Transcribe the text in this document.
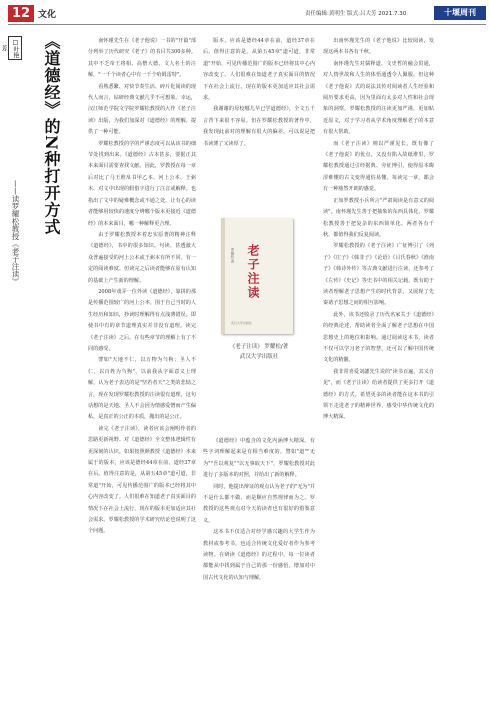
12 文化	责任编辑:黄明生 版式:吕大芳 2021.7.30	十堰周刊
□叶艳芳	《道德经》的N种打开方式
——读罗耀松教授《老子注读》

南怀瑾先生在《老子他说》一书的"开篇"部分列举了历代研究《老子》的书目共300多种。其中不乏帝王将相、高僧大德、文人名士的注解，"一千个读者心中有一千个哈姆雷特"。

看熟悉繁、对快节奏生活、碎片化阅读的现代人而言，钻研经典文献几乎不可想象。幸运，汉江师范学院文学院罗耀松教授的大作《老子注读》出版，为我们加深对《道德经》的理解，提供了一种可能。

罗耀松教授的学的严谨态度可以从该书的细节处找到出来。《道德经》古本甚多，要据正其本来面目需要查找文献。因此，罗教授在每一章后对比了马王堆帛书甲乙本、河上公本、王弼本、对文中出现的假借字进行了注音或解释。也指出了文中的疑难概念或不通之处。让有心的读者能够用较快的速度分辨哪个版本更接近《道德经》的本来面目，哪一种解释更合理。

由于罗耀松教授本着忠实原著的精神注释《道德经》，书中的很多知识、句读、甚透澈大众普遍接受的河上公本或王弼本有所不同。有一定的阅读难度。但读完之后读者能够在原有认知的基础上产生新的理解。

2008年戏弄一位外读《道德经》，靠拼的那是传播范围较广的河上公本。围于自己当时的人生经历和知识，抄读时理解得有点浅薄错误。即使书中有的章节道理真实并非没有道理。读完《老子注读》之后，在有些章节的理解上有了不同的感受。

譬如"天地不仁，以万物为刍狗；圣人不仁，以百姓为刍狗"，以前我从字面意义上理解，认为老子表达的是"坚若者天"之类的悲恸之言，现在发现罗耀松教授的注读很有道理，这句话想的是天地、圣人不会因为情感爱憎而产生偏私，是真正的公正的本质，抛出的是公正。

读完《老子注读》，读者应该会阐明作者的思路更新视野。对《道德经》全文整体逻辑性有更深刻的认识。如果按照颜教授《道德经》本来属于的版本，应该是德经44章在前，道经37章在后。值得注意的是，从第五45章"道可道，非常道"开始，可见传播范围广的版本已经将其中心内容改变了。人们很难在知道老子真实面目的情况下在社会上流行，现在的版本更加适应其社会需求。罗耀松教授的学术研究结论也说明了这个问题。

版本，应该是德经44章在前，道经37章在后。值得注意的是，从第五45章"道可道，非常道"开始，可见传播范围广的版本已经将其中心内容改变了。人们很难在知道老子真实面目的情况下在社会上流行，现在的版本更加适应其社会需求。

我谢谢的母校哪儿早已学道德经》，全文五千言背下来很不容易。但在罗耀松教授的著作中，我发现此前对的理解有很大的偏差。可以说是把书读薄了又读厚了。

老子注读
罗耀松 著
武汉大学出版社
《老子注读》 罗耀松/著
武汉大学出版社

《道德经》中蕴含的文化内涵博大精深。有些字词理解起来是有相当难度的。譬如"道""无为""吾以观复""以无事取天下"，罗耀松教授对此进行了多版本的对照，并给出了新的解释。

同时，他提出辩证的观点认为老子的"无为"并不是什么都不做，而是顺应自然规律而为之。罗教授的这些观点对今天的读者也有很好的借鉴意义。

这本书不仅适合对经学感兴趣的大学生作为教材或参考书，也适合传统文化爱好者作为参考读物。在研读《道德经》的过程中，每一位读者都能从中找到属于自己的那一份感悟，增加对中国古代文化的认知与理解。

出南怀瑾先生的《老子他说》比较阅读，发现这两本书各有千秋。

南怀瑾先生对儒释道、文史哲的融会贯通，对人情世故和人生的体悟通透令人佩服。但这种《老子他说》式的说法其传对阅读者人生经验和阅历要求更高，因为里面有太多对人性和社会现象的洞察。罗耀松教授的注读更加严谨，更加贴近原文，对于学习者从学术角度理解老子的本意有很大帮助。

而《老子注读》则以严谨见长，既有像了《老子他说》的优点，又没有陷入故纸堆里。罗耀松教授通过引经据典、旁征博引，使得原本晦涩难懂的古文变得通俗易懂。每读完一章，都会有一种豁然开朗的感觉。

正如罗教授小兵所言"严肃阅读是有意义的阅读"。南怀瑾先生善于把抽象的东西具体化，罗耀松教授善于把复杂的东西简单化。两者各有千秋，都值得我们反复阅读。

罗耀松教授的《老子注读》广征博引了《列子》《庄子》《韩非子》《论语》《吕氏春秋》《淮南子》《韩诗外传》等古典文献进行注读，还参考了《左传》《史记》等史书中的相关记载，既有助于读者理解老子思想产生的时代背景，又展现了先秦诸子思想之间的相互影响。

此外，该书还收录了历代名家关于《道德经》的经典论述，帮助读者全面了解老子思想在中国思想史上的地位和影响。通过阅读这本书，读者不仅可以学习老子的智慧，还可以了解中国传统文化的精髓。

我非常喜爱刘勰先生说的"读书百遍，其义自见"，而《老子注读》给读者提供了更多打开《道德经》的方式。希望更多的读者能在这本书的引领下走进老子的精神世界，感受中华传统文化的博大精深。
